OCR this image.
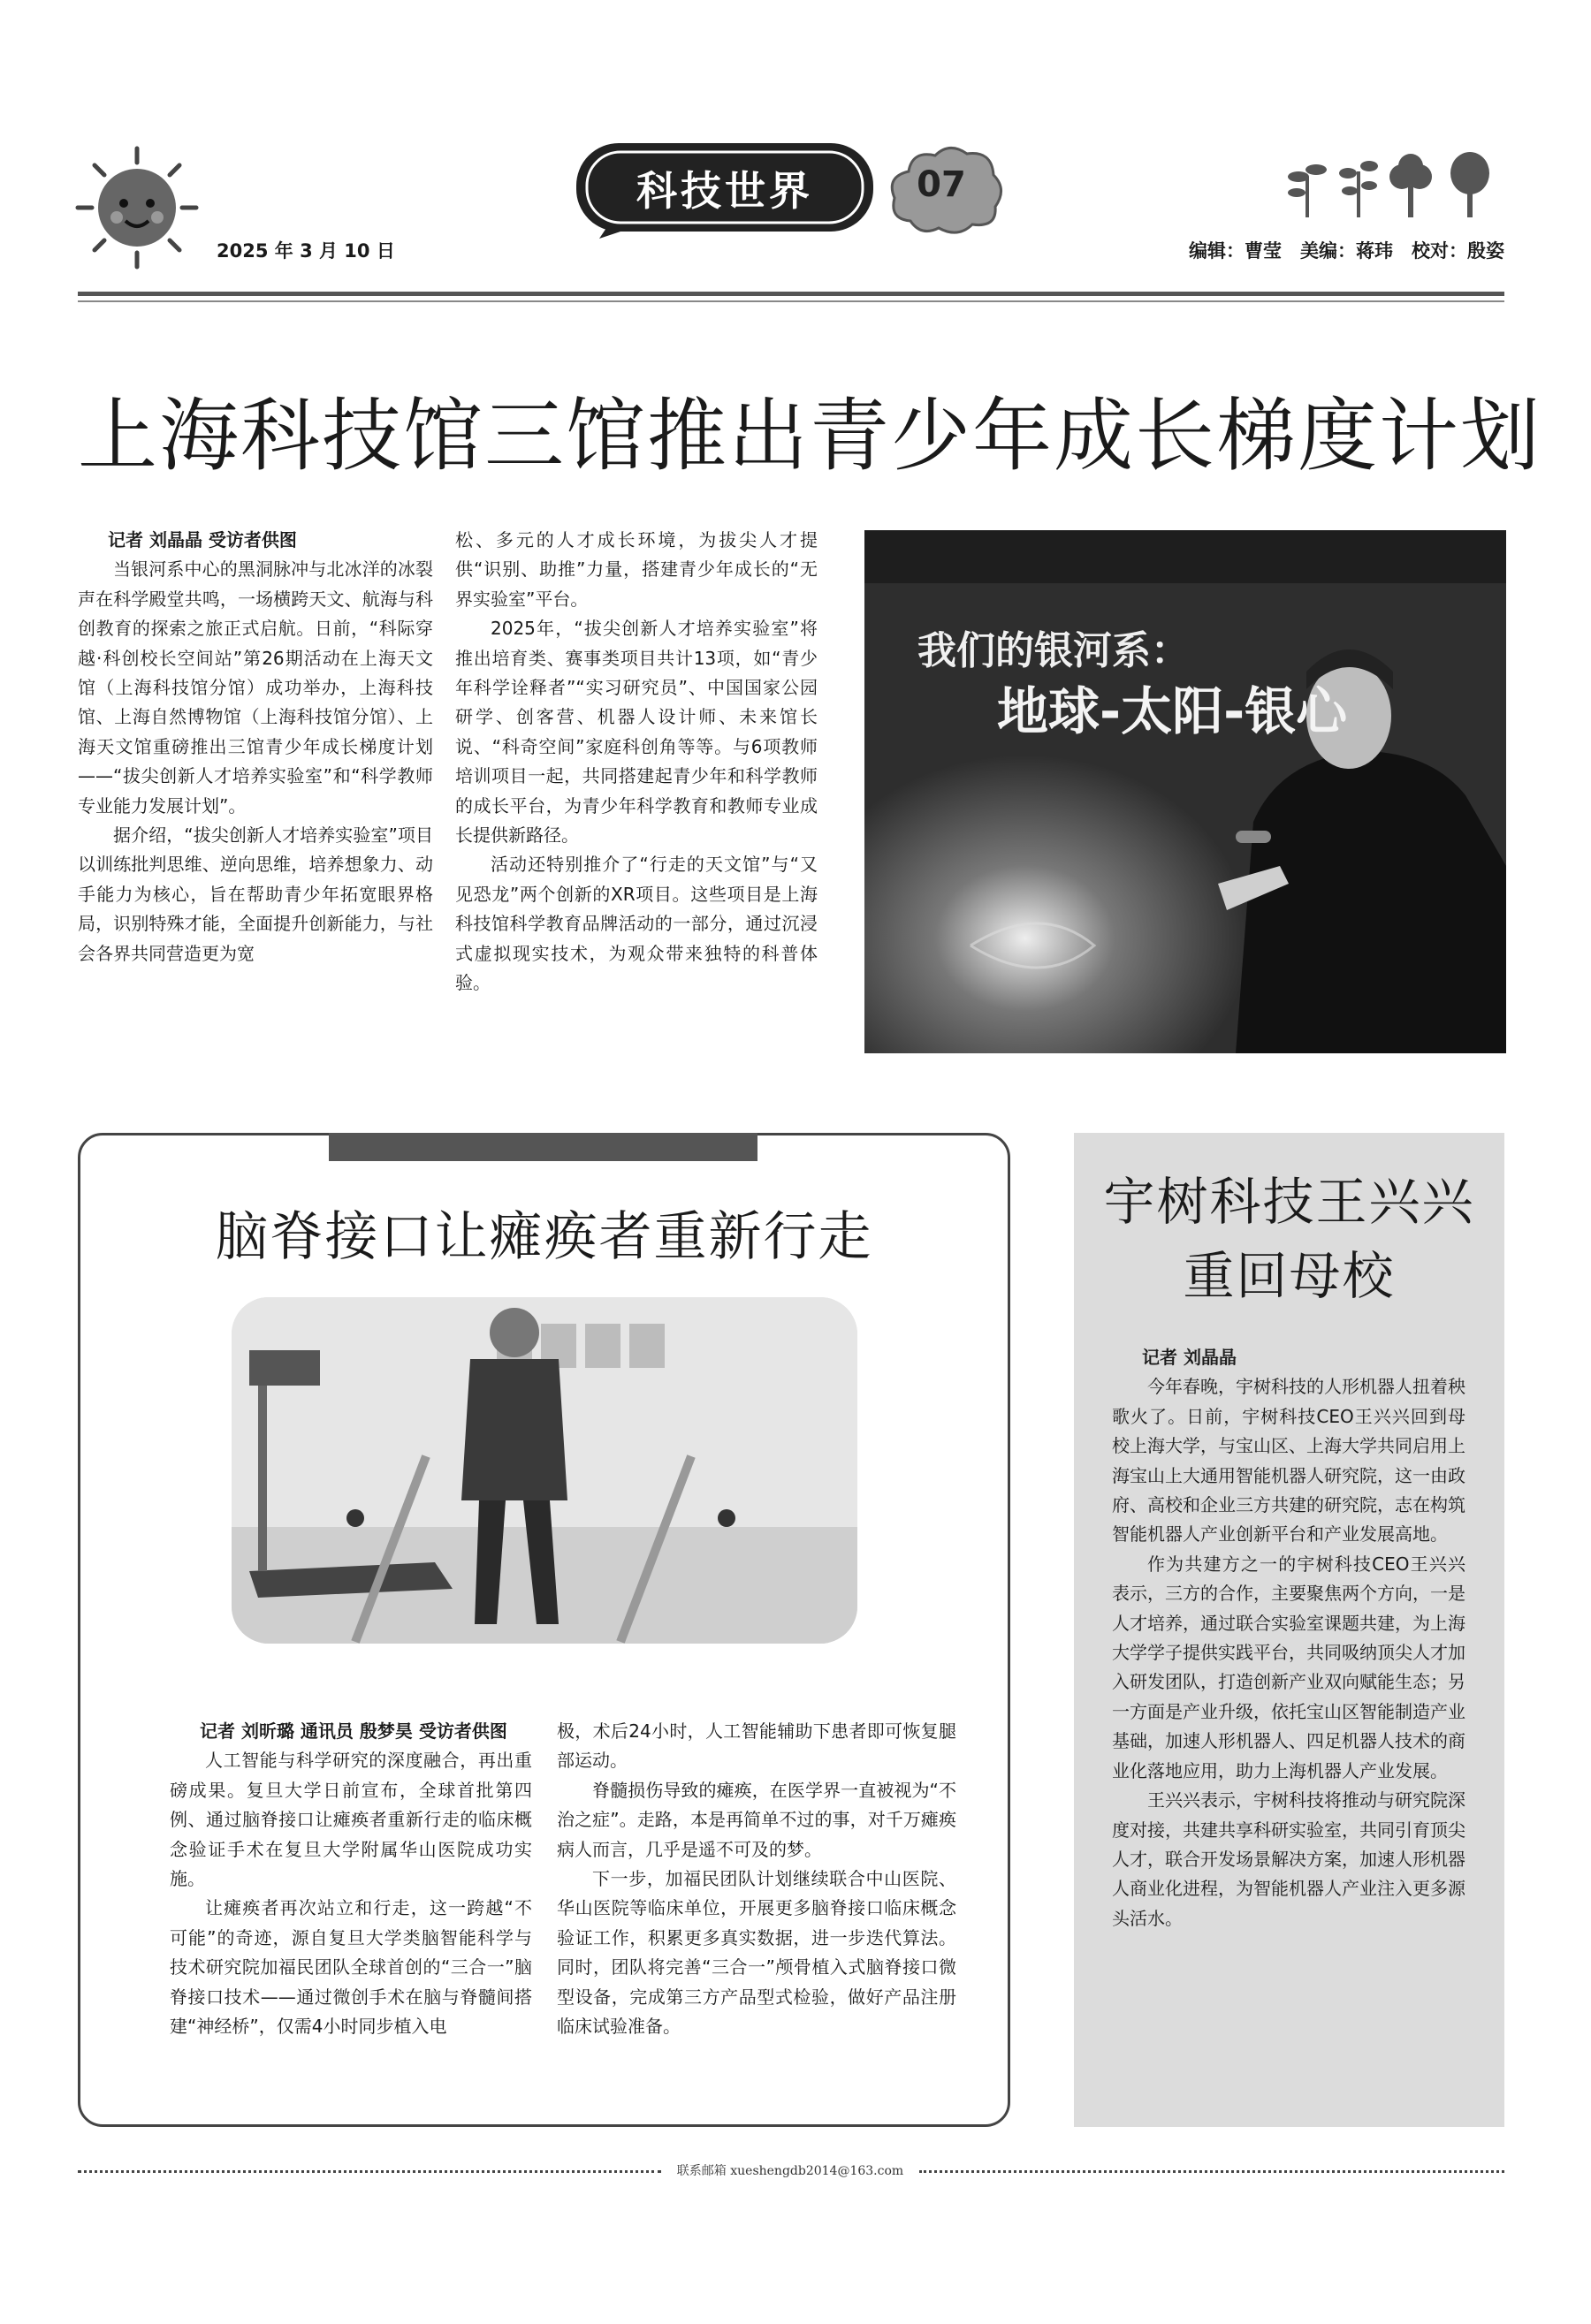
2025 年 3 月 10 日
科技世界	07
编辑：曹莹　美编：蒋玮　校对：殷姿
上海科技馆三馆推出青少年成长梯度计划

记者 刘晶晶 受访者供图

当银河系中心的黑洞脉冲与北冰洋的冰裂声在科学殿堂共鸣，一场横跨天文、航海与科创教育的探索之旅正式启航。日前，“科际穿越·科创校长空间站”第26期活动在上海天文馆（上海科技馆分馆）成功举办，上海科技馆、上海自然博物馆（上海科技馆分馆）、上海天文馆重磅推出三馆青少年成长梯度计划——“拔尖创新人才培养实验室”和“科学教师专业能力发展计划”。

据介绍，“拔尖创新人才培养实验室”项目以训练批判思维、逆向思维，培养想象力、动手能力为核心，旨在帮助青少年拓宽眼界格局，识别特殊才能，全面提升创新能力，与社会各界共同营造更为宽

松、多元的人才成长环境，为拔尖人才提供“识别、助推”力量，搭建青少年成长的“无界实验室”平台。

2025年，“拔尖创新人才培养实验室”将推出培育类、赛事类项目共计13项，如“青少年科学诠释者”“实习研究员”、中国国家公园研学、创客营、机器人设计师、未来馆长说、“科奇空间”家庭科创角等等。与6项教师培训项目一起，共同搭建起青少年和科学教师的成长平台，为青少年科学教育和教师专业成长提供新路径。

活动还特别推介了“行走的天文馆”与“又见恐龙”两个创新的XR项目。这些项目是上海科技馆科学教育品牌活动的一部分，通过沉浸式虚拟现实技术，为观众带来独特的科普体验。

我们的银河系：
地球-太阳-银心
脑脊接口让瘫痪者重新行走

记者 刘昕璐 通讯员 殷梦昊 受访者供图

人工智能与科学研究的深度融合，再出重磅成果。复旦大学日前宣布，全球首批第四例、通过脑脊接口让瘫痪者重新行走的临床概念验证手术在复旦大学附属华山医院成功实施。

让瘫痪者再次站立和行走，这一跨越“不可能”的奇迹，源自复旦大学类脑智能科学与技术研究院加福民团队全球首创的“三合一”脑脊接口技术——通过微创手术在脑与脊髓间搭建“神经桥”，仅需4小时同步植入电

极，术后24小时，人工智能辅助下患者即可恢复腿部运动。

脊髓损伤导致的瘫痪，在医学界一直被视为“不治之症”。走路，本是再简单不过的事，对千万瘫痪病人而言，几乎是遥不可及的梦。

下一步，加福民团队计划继续联合中山医院、华山医院等临床单位，开展更多脑脊接口临床概念验证工作，积累更多真实数据，进一步迭代算法。同时，团队将完善“三合一”颅骨植入式脑脊接口微型设备，完成第三方产品型式检验，做好产品注册临床试验准备。

宇树科技王兴兴
重回母校

记者 刘晶晶

今年春晚，宇树科技的人形机器人扭着秧歌火了。日前，宇树科技CEO王兴兴回到母校上海大学，与宝山区、上海大学共同启用上海宝山上大通用智能机器人研究院，这一由政府、高校和企业三方共建的研究院，志在构筑智能机器人产业创新平台和产业发展高地。

作为共建方之一的宇树科技CEO王兴兴表示，三方的合作，主要聚焦两个方向，一是人才培养，通过联合实验室课题共建，为上海大学学子提供实践平台，共同吸纳顶尖人才加入研发团队，打造创新产业双向赋能生态；另一方面是产业升级，依托宝山区智能制造产业基础，加速人形机器人、四足机器人技术的商业化落地应用，助力上海机器人产业发展。

王兴兴表示，宇树科技将推动与研究院深度对接，共建共享科研实验室，共同引育顶尖人才，联合开发场景解决方案，加速人形机器人商业化进程，为智能机器人产业注入更多源头活水。

联系邮箱 xueshengdb2014@163.com
